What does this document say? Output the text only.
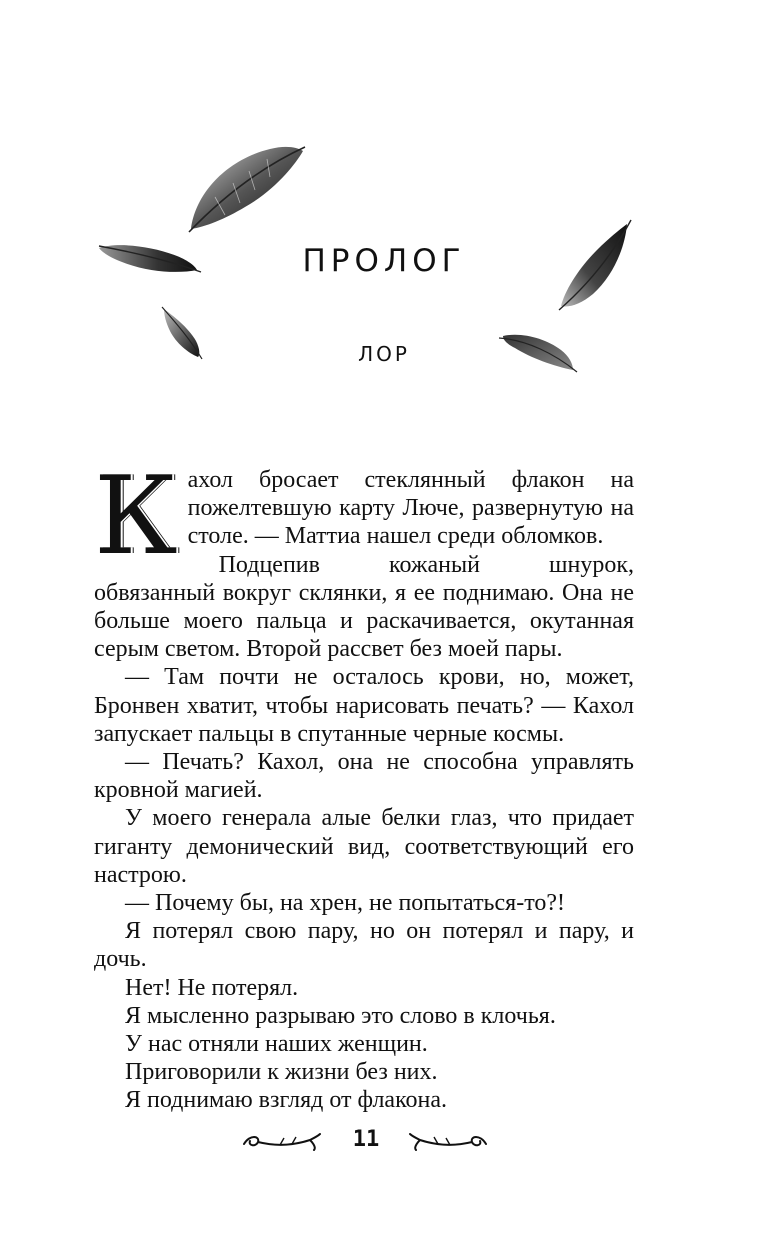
ПРОЛОГ
ЛОР

Кахол бросает стеклянный флакон на пожелтевшую карту Люче, развернутую на столе. — Маттиа нашел среди обломков.

Подцепив кожаный шнурок, обвязанный вокруг склянки, я ее поднимаю. Она не больше моего пальца и раскачивается, окутанная серым светом. Второй рассвет без моей пары.

— Там почти не осталось крови, но, может, Бронвен хватит, чтобы нарисовать печать? — Кахол запускает пальцы в спутанные черные космы.

— Печать? Кахол, она не способна управлять кровной магией.

У моего генерала алые белки глаз, что придает гиганту демонический вид, соответствующий его настрою.

— Почему бы, на хрен, не попытаться-то?!

Я потерял свою пару, но он потерял и пару, и дочь.

Нет! Не потерял.

Я мысленно разрываю это слово в клочья.

У нас отняли наших женщин.

Приговорили к жизни без них.

Я поднимаю взгляд от флакона.

11
